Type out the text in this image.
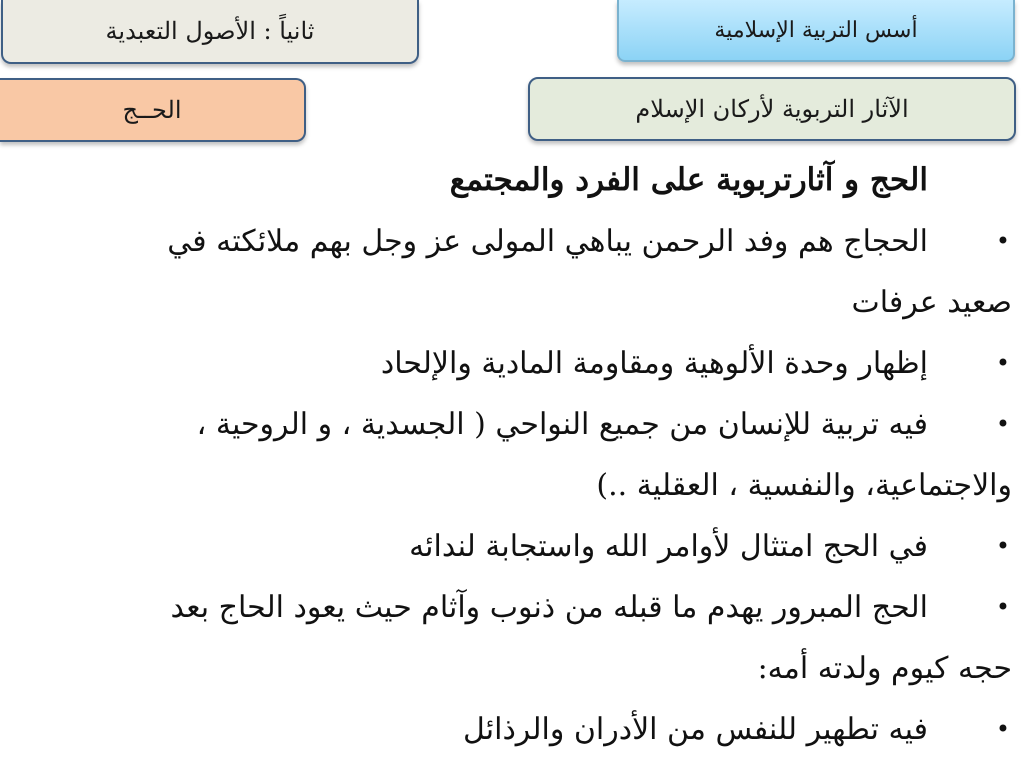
أسس التربية الإسلامية
ثانياً : الأصول التعبدية
الآثار التربوية لأركان الإسلام
الحــج
الحج و آثارتربوية على الفرد والمجتمع
•
الحجاج هم وفد الرحمن يباهي المولى عز وجل بهم ملائكته في
صعيد عرفات
•
إظهار وحدة الألوهية ومقاومة المادية والإلحاد
•
فيه تربية للإنسان من جميع النواحي ( الجسدية ، و الروحية ،
والاجتماعية، والنفسية ، العقلية ..)
•
في الحج امتثال لأوامر الله واستجابة لندائه
•
الحج المبرور يهدم ما قبله من ذنوب وآثام حيث يعود الحاج بعد
حجه كيوم ولدته أمه:
•
فيه تطهير للنفس من الأدران والرذائل
